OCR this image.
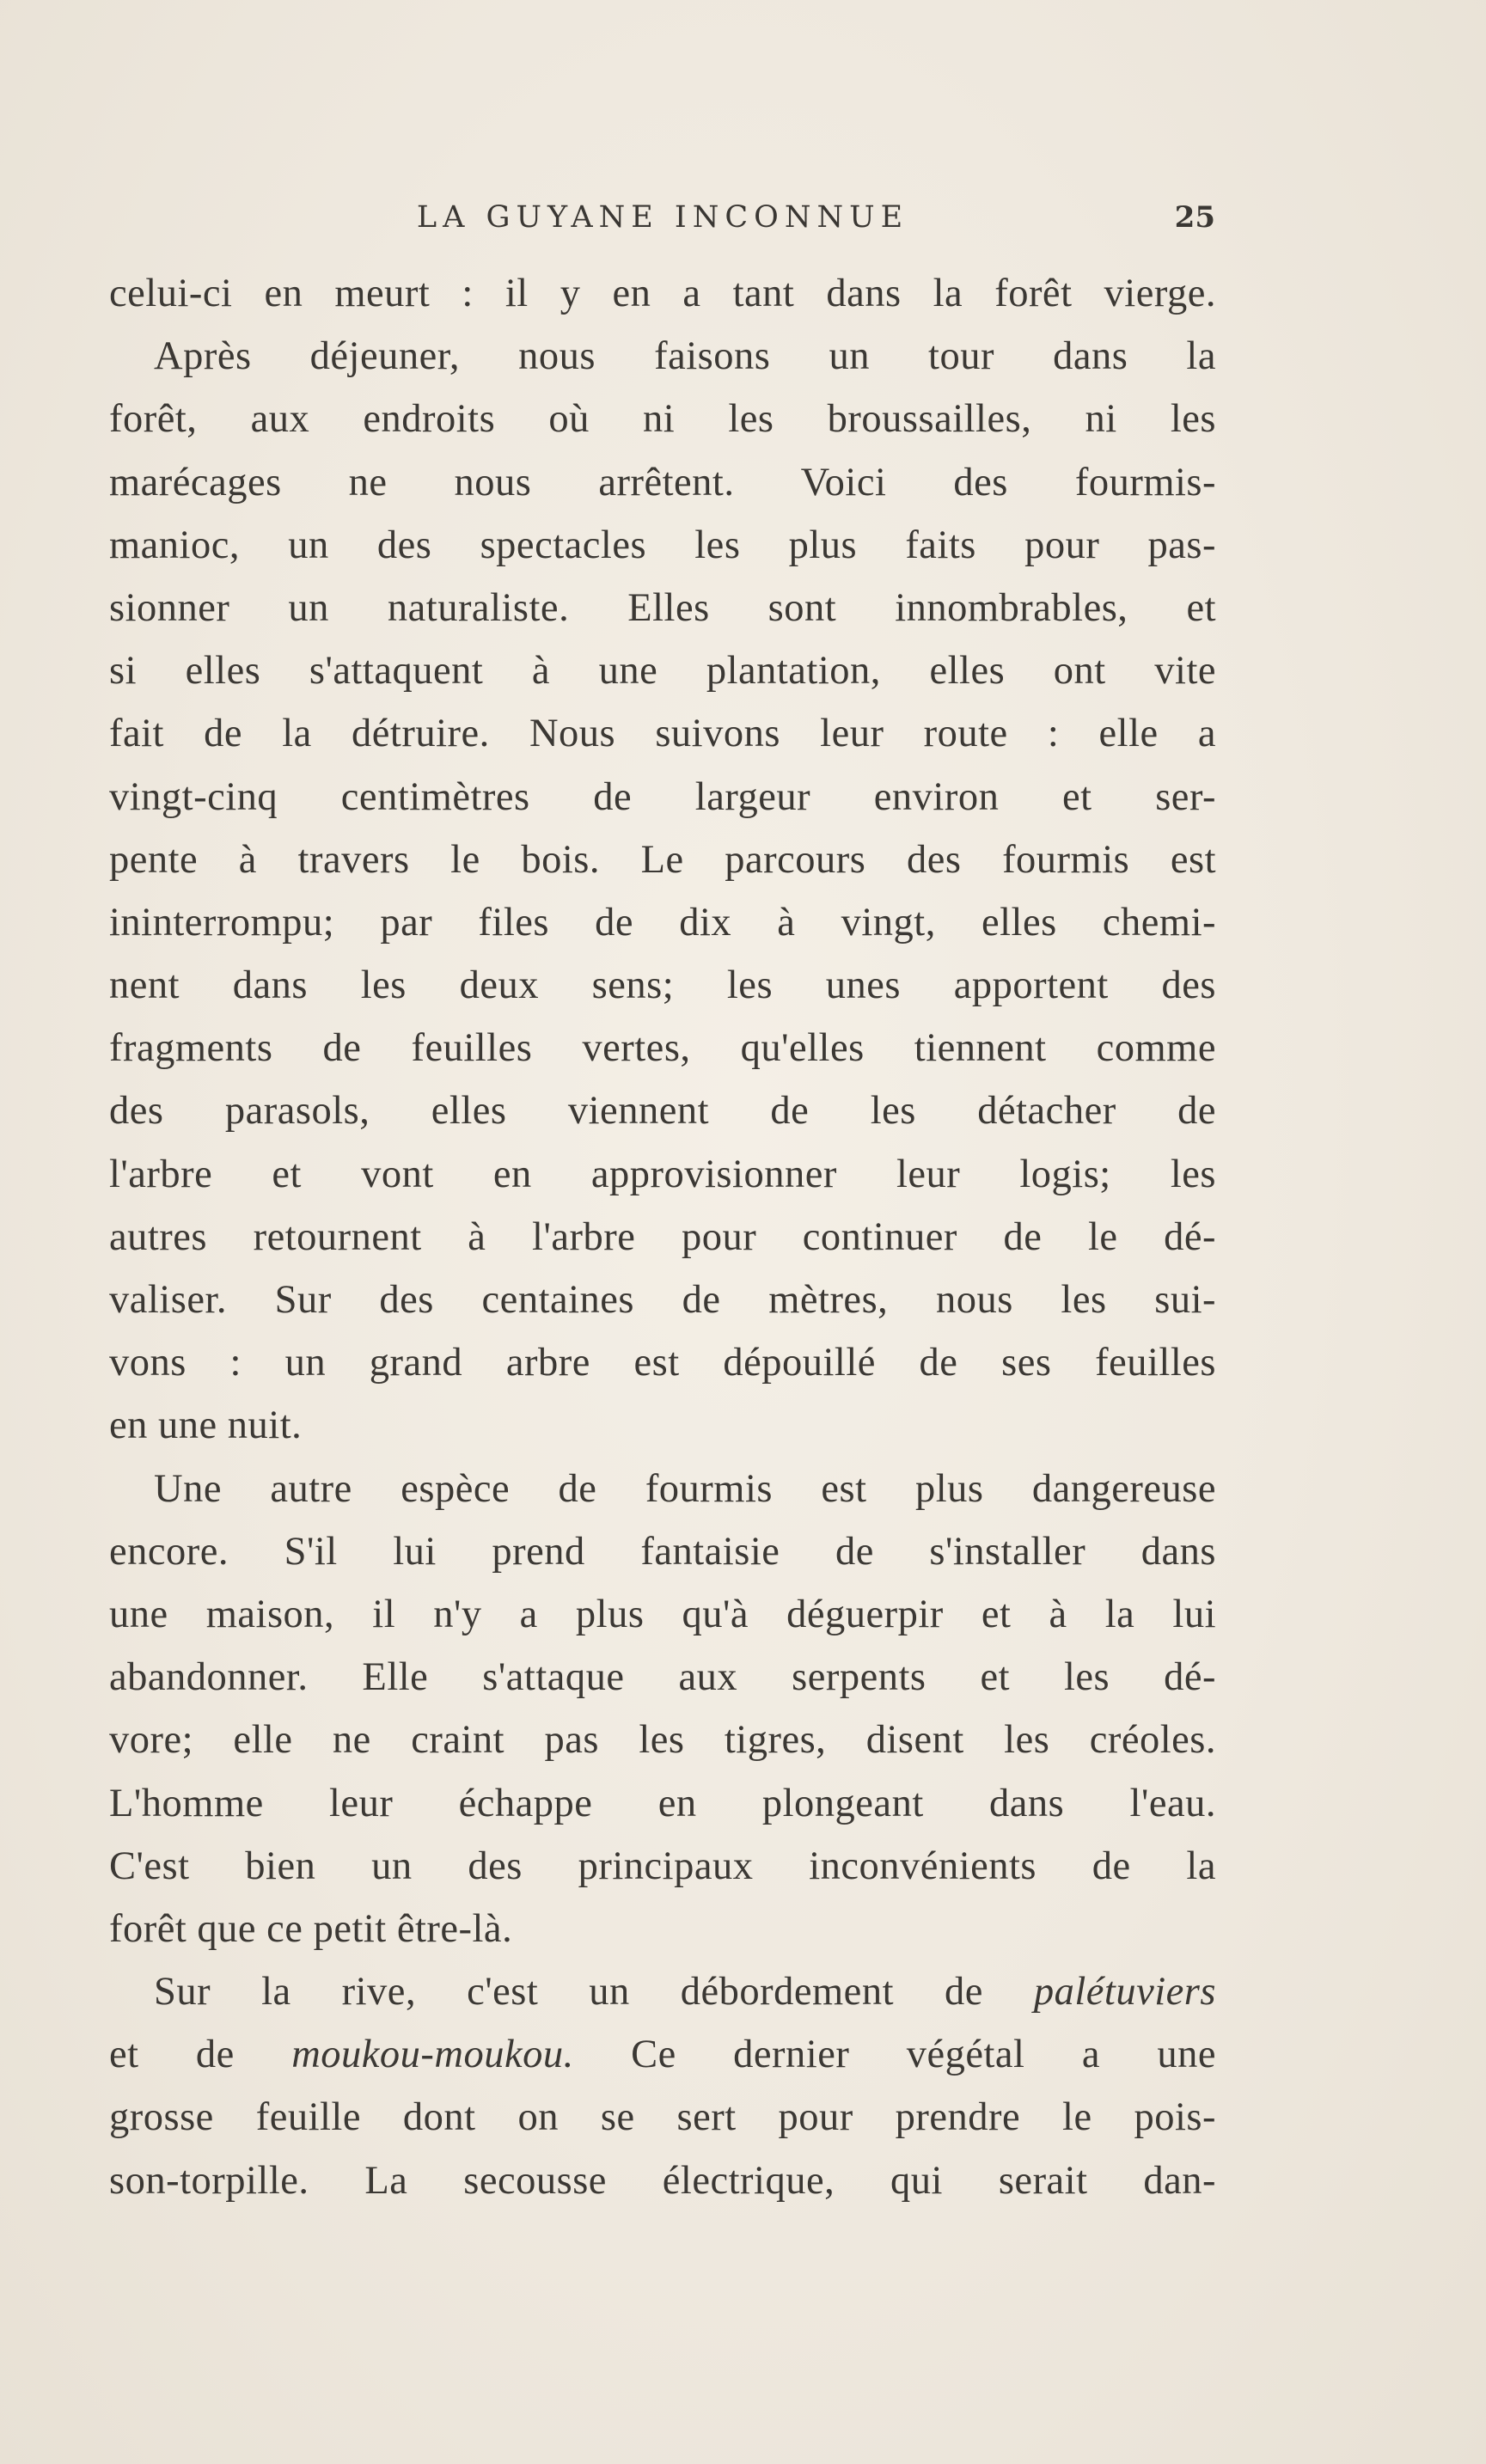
LA GUYANE INCONNUE	25
celui-ci en meurt : il y en a tant dans la forêt vierge.
Après déjeuner, nous faisons un tour dans la
forêt, aux endroits où ni les broussailles, ni les
marécages ne nous arrêtent. Voici des fourmis-
manioc, un des spectacles les plus faits pour pas-
sionner un naturaliste. Elles sont innombrables, et
si elles s'attaquent à une plantation, elles ont vite
fait de la détruire. Nous suivons leur route : elle a
vingt-cinq centimètres de largeur environ et ser-
pente à travers le bois. Le parcours des fourmis est
ininterrompu; par files de dix à vingt, elles chemi-
nent dans les deux sens; les unes apportent des
fragments de feuilles vertes, qu'elles tiennent comme
des parasols, elles viennent de les détacher de
l'arbre et vont en approvisionner leur logis; les
autres retournent à l'arbre pour continuer de le dé-
valiser. Sur des centaines de mètres, nous les sui-
vons : un grand arbre est dépouillé de ses feuilles
en une nuit.
Une autre espèce de fourmis est plus dangereuse
encore. S'il lui prend fantaisie de s'installer dans
une maison, il n'y a plus qu'à déguerpir et à la lui
abandonner. Elle s'attaque aux serpents et les dé-
vore; elle ne craint pas les tigres, disent les créoles.
L'homme leur échappe en plongeant dans l'eau.
C'est bien un des principaux inconvénients de la
forêt que ce petit être-là.
Sur la rive, c'est un débordement de palétuviers
et de moukou-moukou. Ce dernier végétal a une
grosse feuille dont on se sert pour prendre le pois-
son-torpille. La secousse électrique, qui serait dan-
